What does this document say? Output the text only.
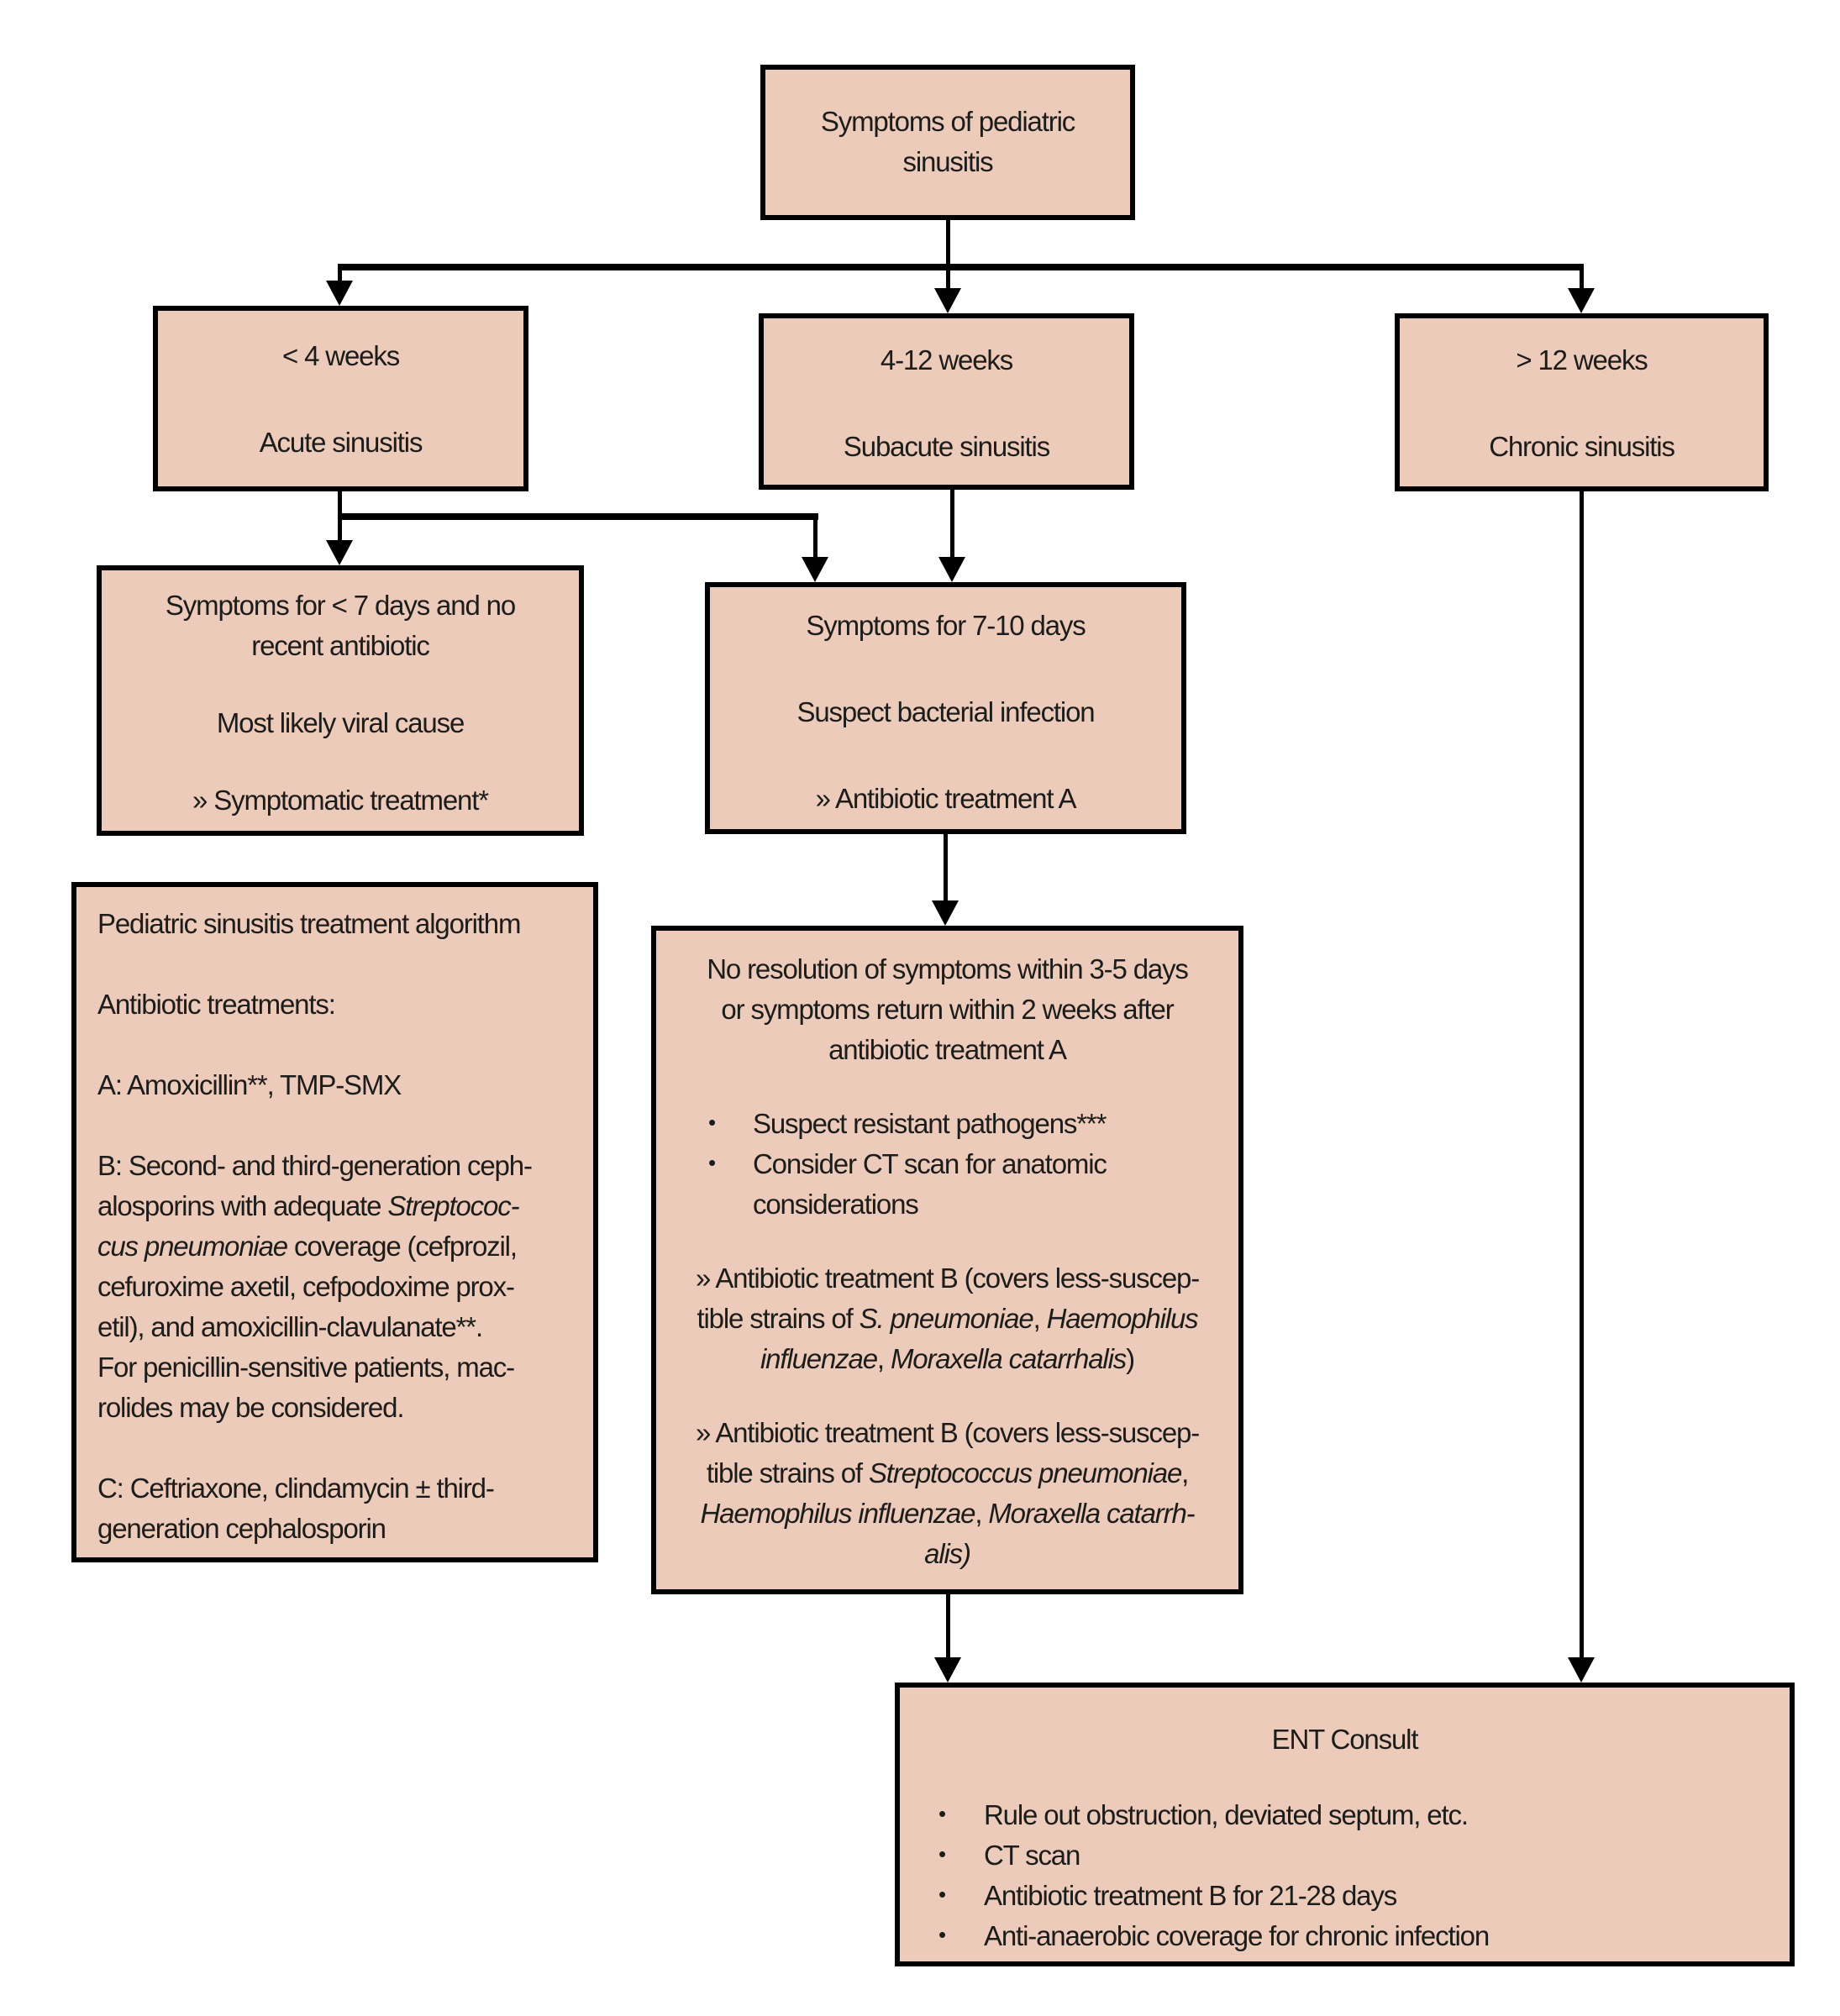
Symptoms of pediatric
sinusitis
< 4 weeks
Acute sinusitis
4-12 weeks
Subacute sinusitis
> 12 weeks
Chronic sinusitis
Symptoms for < 7 days and no
recent antibiotic
Most likely viral cause
» Symptomatic treatment*
Symptoms for 7-10 days
Suspect bacterial infection
» Antibiotic treatment A
Pediatric sinusitis treatment algorithm
Antibiotic treatments:
A: Amoxicillin**, TMP-SMX
B: Second- and third-generation ceph-
alosporins with adequate Streptococ-
cus pneumoniae coverage (cefprozil,
cefuroxime axetil, cefpodoxime prox-
etil), and amoxicillin-clavulanate**.
For penicillin-sensitive patients, mac-
rolides may be considered.
C: Ceftriaxone, clindamycin ± third-
generation cephalosporin
No resolution of symptoms within 3-5 days
or symptoms return within 2 weeks after
antibiotic treatment A
• Suspect resistant pathogens***
• Consider CT scan for anatomic considerations
» Antibiotic treatment B (covers less-suscep-
tible strains of S. pneumoniae, Haemophilus
influenzae, Moraxella catarrhalis)
» Antibiotic treatment B (covers less-suscep-
tible strains of Streptococcus pneumoniae,
Haemophilus influenzae, Moraxella catarrh-
alis)
ENT Consult
• Rule out obstruction, deviated septum, etc.
• CT scan
• Antibiotic treatment B for 21-28 days
• Anti-anaerobic coverage for chronic infection
